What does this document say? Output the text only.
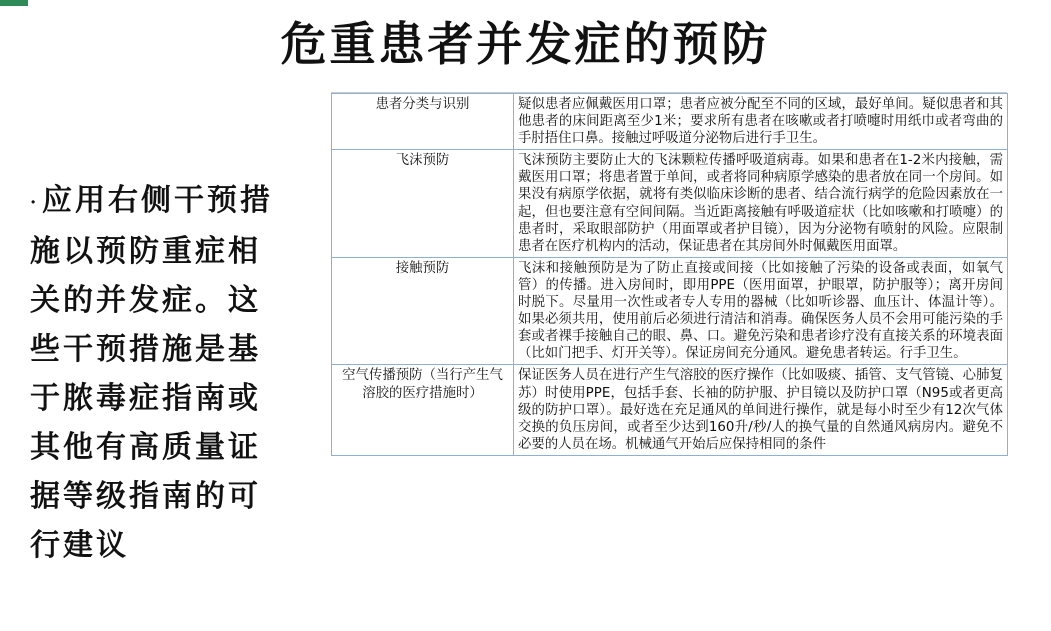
危重患者并发症的预防
·应用右侧干预措施以预防重症相关的并发症。这些干预措施是基于脓毒症指南或其他有高质量证据等级指南的可行建议
患者分类与识别	疑似患者应佩戴医用口罩；患者应被分配至不同的区域，最好单间。疑似患者和其他患者的床间距离至少1米；要求所有患者在咳嗽或者打喷嚏时用纸巾或者弯曲的手肘捂住口鼻。接触过呼吸道分泌物后进行手卫生。
飞沫预防	飞沫预防主要防止大的飞沫颗粒传播呼吸道病毒。如果和患者在1-2米内接触，需戴医用口罩；将患者置于单间，或者将同种病原学感染的患者放在同一个房间。如果没有病原学依据，就将有类似临床诊断的患者、结合流行病学的危险因素放在一起，但也要注意有空间间隔。当近距离接触有呼吸道症状（比如咳嗽和打喷嚏）的患者时，采取眼部防护（用面罩或者护目镜），因为分泌物有喷射的风险。应限制患者在医疗机构内的活动，保证患者在其房间外时佩戴医用面罩。
接触预防	飞沫和接触预防是为了防止直接或间接（比如接触了污染的设备或表面，如氧气管）的传播。进入房间时，即用PPE（医用面罩，护眼罩，防护服等）；离开房间时脱下。尽量用一次性或者专人专用的器械（比如听诊器、血压计、体温计等）。如果必须共用，使用前后必须进行清洁和消毒。确保医务人员不会用可能污染的手套或者裸手接触自己的眼、鼻、口。避免污染和患者诊疗没有直接关系的环境表面（比如门把手、灯开关等）。保证房间充分通风。避免患者转运。行手卫生。
空气传播预防（当行产生气溶胶的医疗措施时）	保证医务人员在进行产生气溶胶的医疗操作（比如吸痰、插管、支气管镜、心肺复苏）时使用PPE，包括手套、长袖的防护服、护目镜以及防护口罩（N95或者更高级的防护口罩）。最好选在充足通风的单间进行操作，就是每小时至少有12次气体交换的负压房间，或者至少达到160升/秒/人的换气量的自然通风病房内。避免不必要的人员在场。机械通气开始后应保持相同的条件
